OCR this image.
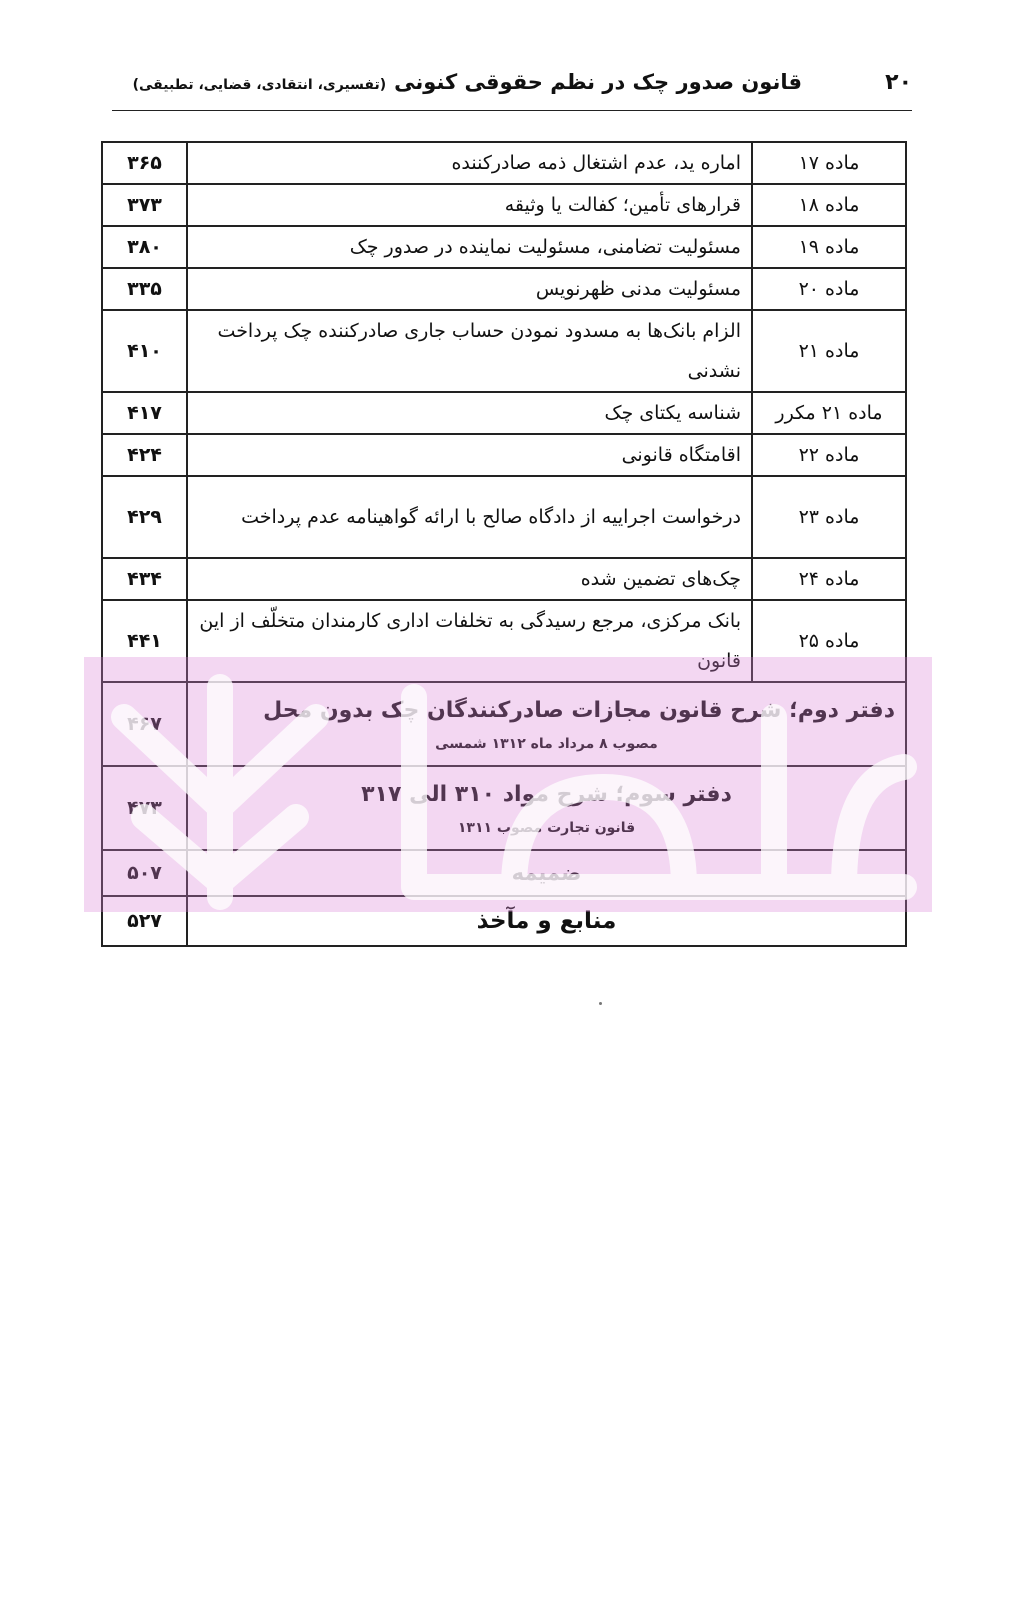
۲۰
قانون صدور چک در نظم حقوقی کنونی(تفسیری، انتقادی، قضایی، تطبیقی)
ماده ۱۷	اماره ید، عدم اشتغال ذمه صادرکننده	۳۶۵
ماده ۱۸	قرارهای تأمین؛ کفالت یا وثیقه	۳۷۳
ماده ۱۹	مسئولیت تضامنی، مسئولیت نماینده در صدور چک	۳۸۰
ماده ۲۰	مسئولیت مدنی ظهرنویس	۳۳۵
ماده ۲۱	الزام بانک‌ها به مسدود نمودن حساب جاری صادرکننده چک پرداخت نشدنی	۴۱۰
ماده ۲۱ مکرر	شناسه یکتای چک	۴۱۷
ماده ۲۲	اقامتگاه قانونی	۴۲۴
ماده ۲۳	درخواست اجراییه از دادگاه صالح با ارائه گواهینامه عدم پرداخت	۴۲۹
ماده ۲۴	چک‌های تضمین شده	۴۳۴
ماده ۲۵	بانک مرکزی، مرجع رسیدگی به تخلفات اداری کارمندان متخلّف از این قانون	۴۴۱

دفتر دوم؛ شرح قانون مجازات صادرکنندگان چک بدون محل
مصوب ۸ مرداد ماه ۱۳۱۲ شمسی		۴۶۷

دفتر سوم؛ شرح مواد ۳۱۰ الی ۳۱۷
قانون تجارت مصوب ۱۳۱۱		۴۷۳
ضمیمه		۵۰۷
منابع و مآخذ		۵۲۷
